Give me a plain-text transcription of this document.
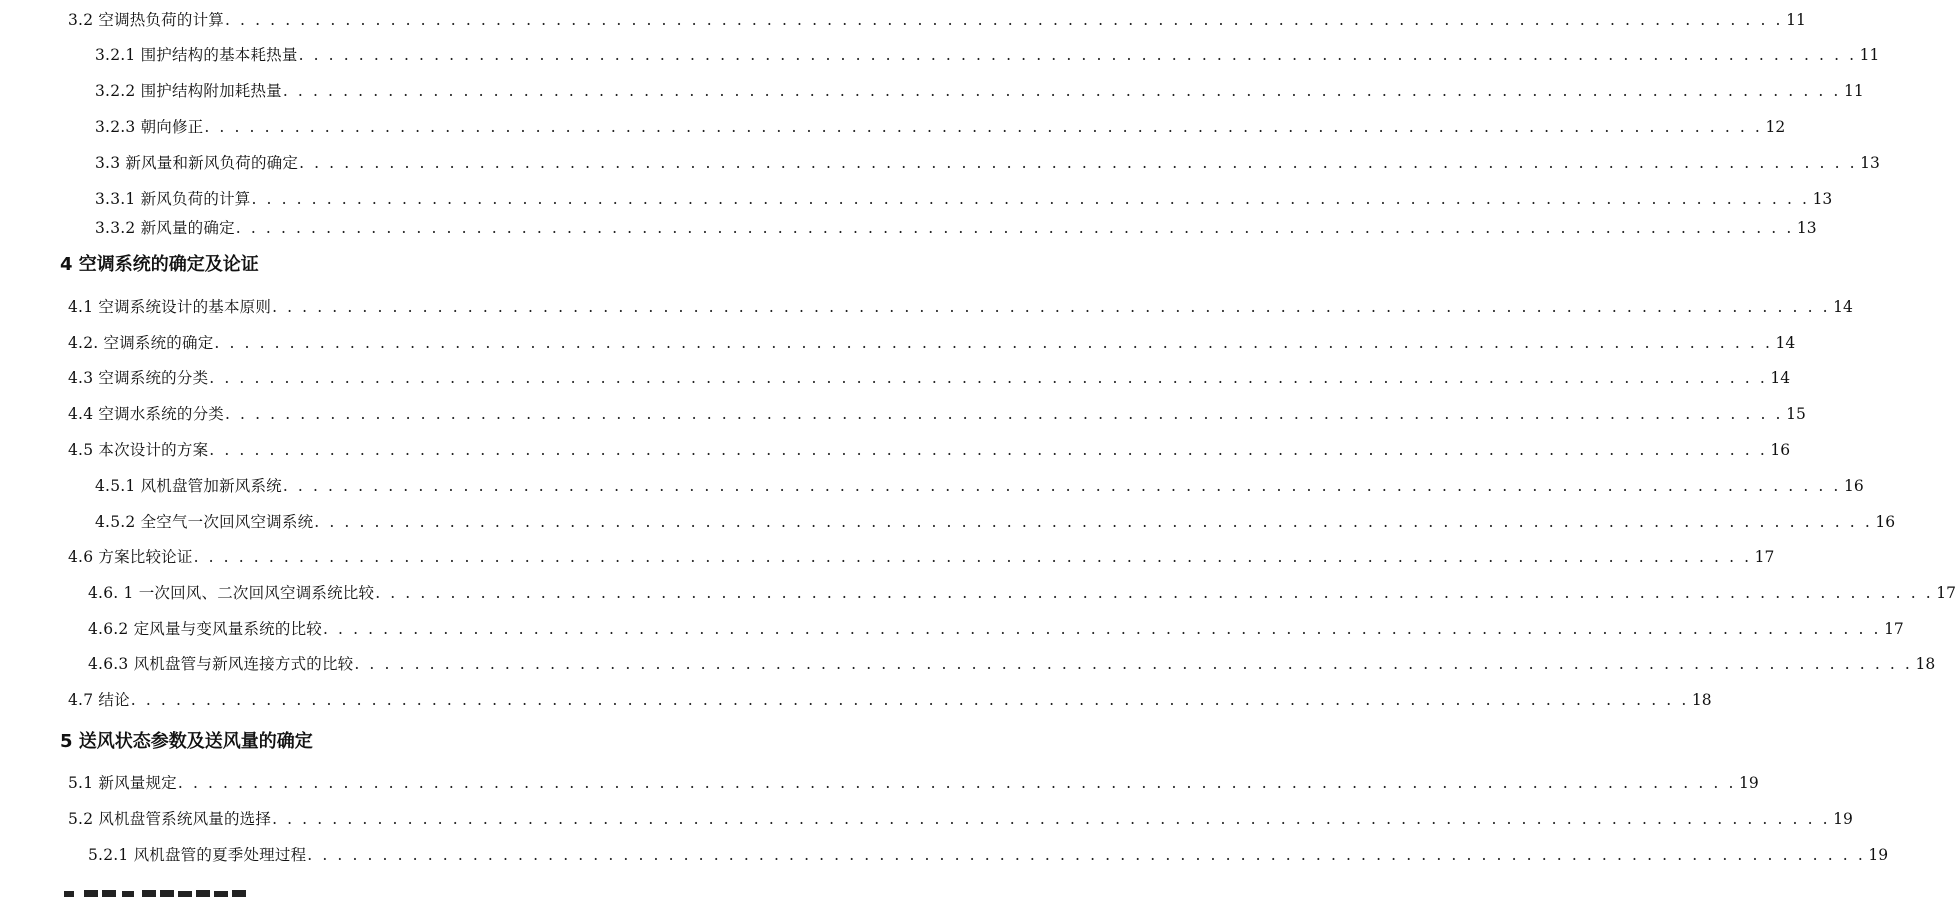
3.2 空调热负荷的计算 . . . . . . . . . . . . . . . . . . . . . . . . . . . . . . . . . . . . . . . . . . . . . . . . . . . . . . . . . . . . . . . . . . . . . . . . . . . . . . . . . . . . . . . . . . . . . . . . . . . . . . . . 11
3.2.1 围护结构的基本耗热量 . . . . . . . . . . . . . . . . . . . . . . . . . . . . . . . . . . . . . . . . . . . . . . . . . . . . . . . . . . . . . . . . . . . . . . . . . . . . . . . . . . . . . . . . . . . . . . . . . . . . . . . . 11
3.2.2 围护结构附加耗热量 . . . . . . . . . . . . . . . . . . . . . . . . . . . . . . . . . . . . . . . . . . . . . . . . . . . . . . . . . . . . . . . . . . . . . . . . . . . . . . . . . . . . . . . . . . . . . . . . . . . . . . . . 11
3.2.3 朝向修正 . . . . . . . . . . . . . . . . . . . . . . . . . . . . . . . . . . . . . . . . . . . . . . . . . . . . . . . . . . . . . . . . . . . . . . . . . . . . . . . . . . . . . . . . . . . . . . . . . . . . . . . . 12
3.3 新风量和新风负荷的确定 . . . . . . . . . . . . . . . . . . . . . . . . . . . . . . . . . . . . . . . . . . . . . . . . . . . . . . . . . . . . . . . . . . . . . . . . . . . . . . . . . . . . . . . . . . . . . . . . . . . . . . . . 13
3.3.1 新风负荷的计算 . . . . . . . . . . . . . . . . . . . . . . . . . . . . . . . . . . . . . . . . . . . . . . . . . . . . . . . . . . . . . . . . . . . . . . . . . . . . . . . . . . . . . . . . . . . . . . . . . . . . . . . . 13
3.3.2 新风量的确定 . . . . . . . . . . . . . . . . . . . . . . . . . . . . . . . . . . . . . . . . . . . . . . . . . . . . . . . . . . . . . . . . . . . . . . . . . . . . . . . . . . . . . . . . . . . . . . . . . . . . . . . . 13
4 空调系统的确定及论证
4.1 空调系统设计的基本原则 . . . . . . . . . . . . . . . . . . . . . . . . . . . . . . . . . . . . . . . . . . . . . . . . . . . . . . . . . . . . . . . . . . . . . . . . . . . . . . . . . . . . . . . . . . . . . . . . . . . . . . . . 14
4.2. 空调系统的确定 . . . . . . . . . . . . . . . . . . . . . . . . . . . . . . . . . . . . . . . . . . . . . . . . . . . . . . . . . . . . . . . . . . . . . . . . . . . . . . . . . . . . . . . . . . . . . . . . . . . . . . . . 14
4.3 空调系统的分类 . . . . . . . . . . . . . . . . . . . . . . . . . . . . . . . . . . . . . . . . . . . . . . . . . . . . . . . . . . . . . . . . . . . . . . . . . . . . . . . . . . . . . . . . . . . . . . . . . . . . . . . . 14
4.4 空调水系统的分类 . . . . . . . . . . . . . . . . . . . . . . . . . . . . . . . . . . . . . . . . . . . . . . . . . . . . . . . . . . . . . . . . . . . . . . . . . . . . . . . . . . . . . . . . . . . . . . . . . . . . . . . . 15
4.5 本次设计的方案 . . . . . . . . . . . . . . . . . . . . . . . . . . . . . . . . . . . . . . . . . . . . . . . . . . . . . . . . . . . . . . . . . . . . . . . . . . . . . . . . . . . . . . . . . . . . . . . . . . . . . . . . 16
4.5.1 风机盘管加新风系统 . . . . . . . . . . . . . . . . . . . . . . . . . . . . . . . . . . . . . . . . . . . . . . . . . . . . . . . . . . . . . . . . . . . . . . . . . . . . . . . . . . . . . . . . . . . . . . . . . . . . . . . . 16
4.5.2 全空气一次回风空调系统 . . . . . . . . . . . . . . . . . . . . . . . . . . . . . . . . . . . . . . . . . . . . . . . . . . . . . . . . . . . . . . . . . . . . . . . . . . . . . . . . . . . . . . . . . . . . . . . . . . . . . . . . 16
4.6 方案比较论证 . . . . . . . . . . . . . . . . . . . . . . . . . . . . . . . . . . . . . . . . . . . . . . . . . . . . . . . . . . . . . . . . . . . . . . . . . . . . . . . . . . . . . . . . . . . . . . . . . . . . . . . . 17
4.6. 1 一次回风、二次回风空调系统比较 . . . . . . . . . . . . . . . . . . . . . . . . . . . . . . . . . . . . . . . . . . . . . . . . . . . . . . . . . . . . . . . . . . . . . . . . . . . . . . . . . . . . . . . . . . . . . . . . . . . . . . . . 17
4.6.2 定风量与变风量系统的比较 . . . . . . . . . . . . . . . . . . . . . . . . . . . . . . . . . . . . . . . . . . . . . . . . . . . . . . . . . . . . . . . . . . . . . . . . . . . . . . . . . . . . . . . . . . . . . . . . . . . . . . . . 17
4.6.3 风机盘管与新风连接方式的比较 . . . . . . . . . . . . . . . . . . . . . . . . . . . . . . . . . . . . . . . . . . . . . . . . . . . . . . . . . . . . . . . . . . . . . . . . . . . . . . . . . . . . . . . . . . . . . . . . . . . . . . . . 18
4.7 结论 . . . . . . . . . . . . . . . . . . . . . . . . . . . . . . . . . . . . . . . . . . . . . . . . . . . . . . . . . . . . . . . . . . . . . . . . . . . . . . . . . . . . . . . . . . . . . . . . . . . . . . . . 18
5 送风状态参数及送风量的确定
5.1 新风量规定 . . . . . . . . . . . . . . . . . . . . . . . . . . . . . . . . . . . . . . . . . . . . . . . . . . . . . . . . . . . . . . . . . . . . . . . . . . . . . . . . . . . . . . . . . . . . . . . . . . . . . . . . 19
5.2 风机盘管系统风量的选择 . . . . . . . . . . . . . . . . . . . . . . . . . . . . . . . . . . . . . . . . . . . . . . . . . . . . . . . . . . . . . . . . . . . . . . . . . . . . . . . . . . . . . . . . . . . . . . . . . . . . . . . . 19
5.2.1 风机盘管的夏季处理过程 . . . . . . . . . . . . . . . . . . . . . . . . . . . . . . . . . . . . . . . . . . . . . . . . . . . . . . . . . . . . . . . . . . . . . . . . . . . . . . . . . . . . . . . . . . . . . . . . . . . . . . . . 19
